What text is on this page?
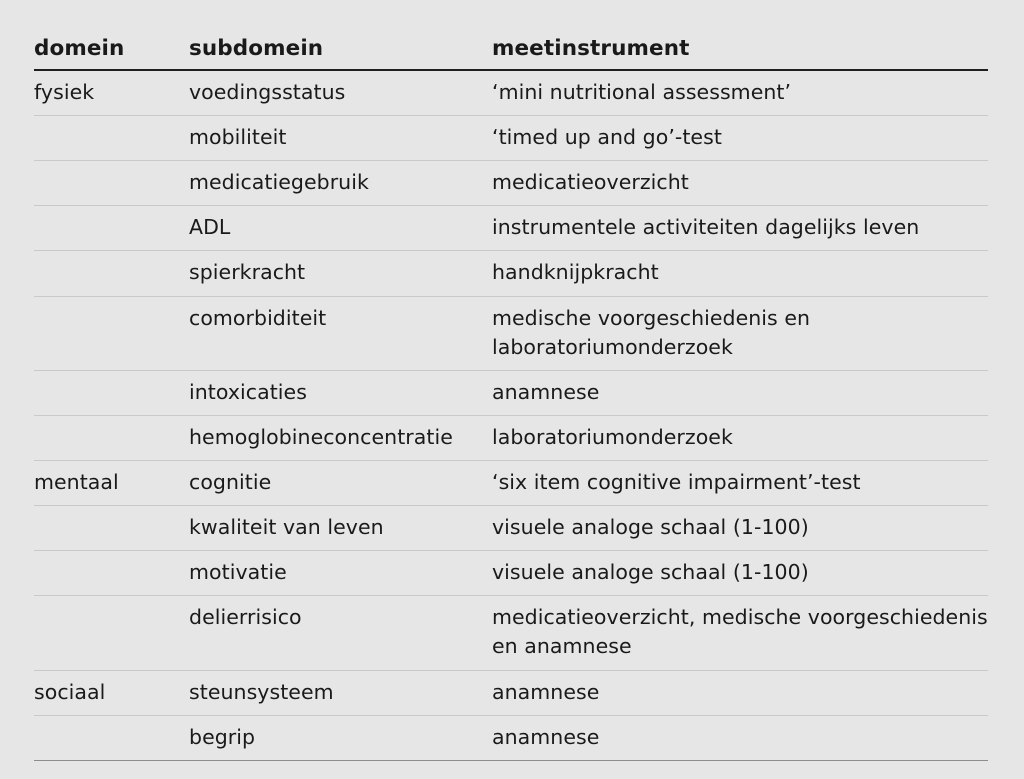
domein	subdomein	meetinstrument
fysiek	voedingsstatus	‘mini nutritional assessment’
	mobiliteit	‘timed up and go’-test
	medicatiegebruik	medicatieoverzicht
	ADL	instrumentele activiteiten dagelijks leven
	spierkracht	handknijpkracht
	comorbiditeit	medische voorgeschiedenis en laboratoriumonderzoek
	intoxicaties	anamnese
	hemoglobineconcentratie	laboratoriumonderzoek
mentaal	cognitie	‘six item cognitive impairment’-test
	kwaliteit van leven	visuele analoge schaal (1-100)
	motivatie	visuele analoge schaal (1-100)
	delierrisico	medicatieoverzicht, medische voorgeschiedenis en anamnese
sociaal	steunsysteem	anamnese
	begrip	anamnese
